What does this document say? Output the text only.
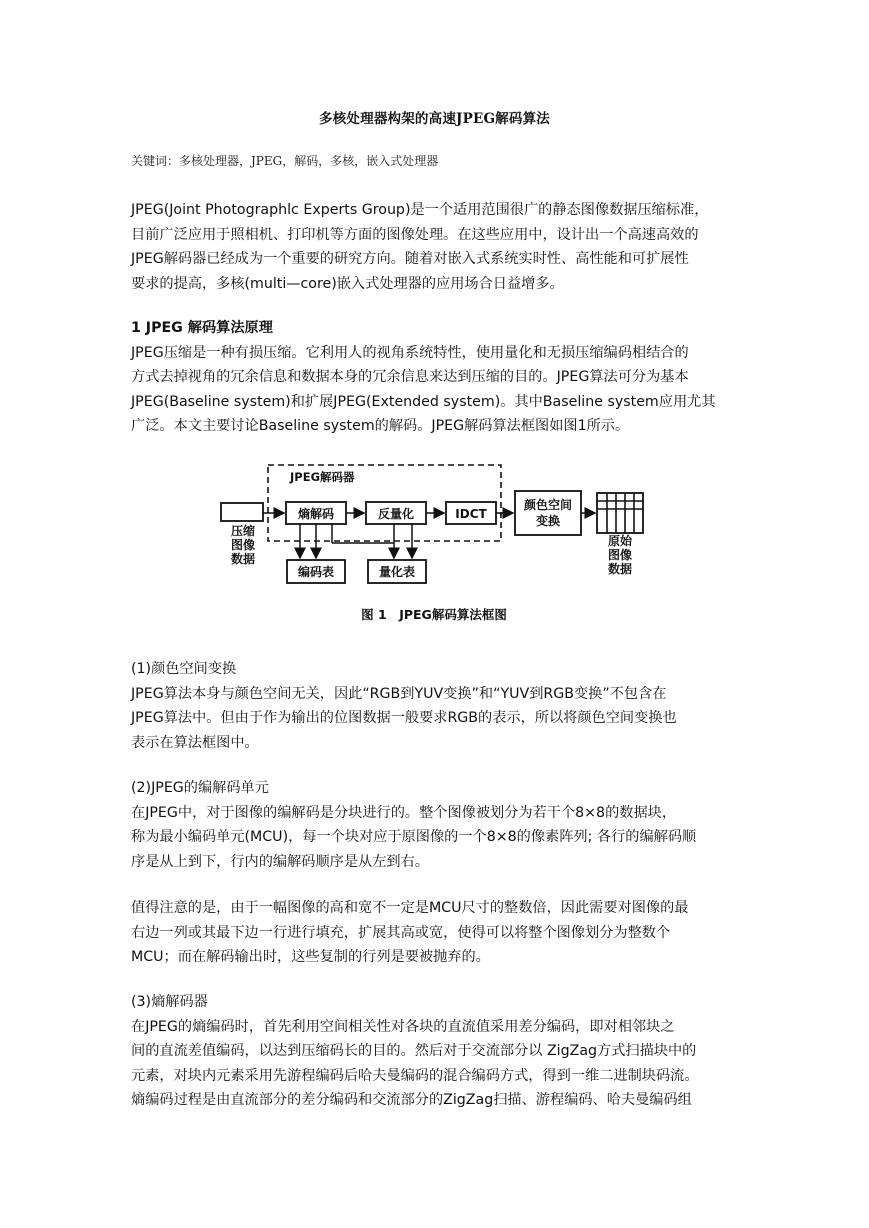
多核处理器构架的高速JPEG解码算法
关键词：多核处理器，JPEG，解码，多核，嵌入式处理器

JPEG(Joint Photographlc Experts Group)是一个适用范围很广的静态图像数据压缩标准，

目前广泛应用于照相机、打印机等方面的图像处理。在这些应用中，设计出一个高速高效的

JPEG解码器已经成为一个重要的研究方向。随着对嵌入式系统实时性、高性能和可扩展性

要求的提高，多核(multi—core)嵌入式处理器的应用场合日益增多。

1 JPEG 解码算法原理

JPEG压缩是一种有损压缩。它利用人的视角系统特性，使用量化和无损压缩编码相结合的

方式去掉视角的冗余信息和数据本身的冗余信息来达到压缩的目的。JPEG算法可分为基本

JPEG(Baseline system)和扩展JPEG(Extended system)。其中Baseline system应用尤其

广泛。本文主要讨论Baseline system的解码。JPEG解码算法框图如图1所示。

JPEG解码器
熵解码	反量化	IDCT
颜色空间
变换
压缩
图像
数据
原始
图像
数据
编码表	量化表
图 1　JPEG解码算法框图

(1)颜色空间变换

JPEG算法本身与颜色空间无关，因此“RGB到YUV变换”和“YUV到RGB变换”不包含在

JPEG算法中。但由于作为输出的位图数据一般要求RGB的表示，所以将颜色空间变换也

表示在算法框图中。

(2)JPEG的编解码单元

在JPEG中，对于图像的编解码是分块进行的。整个图像被划分为若干个8×8的数据块，

称为最小编码单元(MCU)，每一个块对应于原图像的一个8×8的像素阵列; 各行的编解码顺

序是从上到下，行内的编解码顺序是从左到右。

值得注意的是，由于一幅图像的高和宽不一定是MCU尺寸的整数倍，因此需要对图像的最

右边一列或其最下边一行进行填充，扩展其高或宽，使得可以将整个图像划分为整数个

MCU；而在解码输出时，这些复制的行列是要被抛弃的。

(3)熵解码器

在JPEG的熵编码时，首先利用空间相关性对各块的直流值采用差分编码，即对相邻块之

间的直流差值编码，以达到压缩码长的目的。然后对于交流部分以 ZigZag方式扫描块中的

元素，对块内元素采用先游程编码后哈夫曼编码的混合编码方式，得到一维二进制块码流。

熵编码过程是由直流部分的差分编码和交流部分的ZigZag扫描、游程编码、哈夫曼编码组
